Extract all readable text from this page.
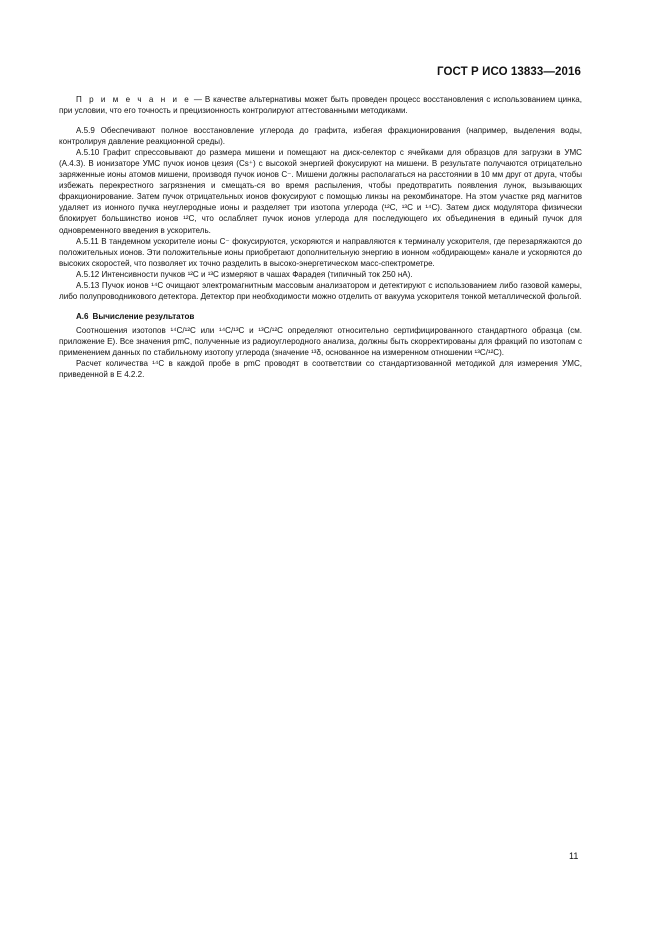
ГОСТ Р ИСО 13833—2016

П р и м е ч а н и е — В качестве альтернативы может быть проведен процесс восстановления с использованием цинка, при условии, что его точность и прецизионность контролируют аттестованными методиками.

А.5.9 Обеспечивают полное восстановление углерода до графита, избегая фракционирования (например, выделения воды, контролируя давление реакционной среды).

А.5.10 Графит спрессовывают до размера мишени и помещают на диск-селектор с ячейками для образцов для загрузки в УМС (А.4.3). В ионизаторе УМС пучок ионов цезия (Cs⁺) с высокой энергией фокусируют на мишени. В результате получаются отрицательно заряженные ионы атомов мишени, производя пучок ионов C⁻. Мишени должны располагаться на расстоянии в 10 мм друг от друга, чтобы избежать перекрестного загрязнения и смещать-ся во время распыления, чтобы предотвратить появления лунок, вызывающих фракционирование. Затем пучок отрицательных ионов фокусируют с помощью линзы на рекомбинаторе. На этом участке ряд магнитов удаляет из ионного пучка неуглеродные ионы и разделяет три изотопа углерода (¹²C, ¹³C и ¹⁴C). Затем диск модулятора физически блокирует большинство ионов ¹²C, что ослабляет пучок ионов углерода для последующего их объединения в единый пучок для одновременного введения в ускоритель.

А.5.11 В тандемном ускорителе ионы C⁻ фокусируются, ускоряются и направляются к терминалу ускорителя, где перезаряжаются до положительных ионов. Эти положительные ионы приобретают дополнительную энергию в ионном «обдирающем» канале и ускоряются до высоких скоростей, что позволяет их точно разделить в высоко-энергетическом масс-спектрометре.

А.5.12 Интенсивности пучков ¹²C и ¹³C измеряют в чашах Фарадея (типичный ток 250 нА).

А.5.13 Пучок ионов ¹⁴C очищают электромагнитным массовым анализатором и детектируют с использованием либо газовой камеры, либо полупроводникового детектора. Детектор при необходимости можно отделить от вакуума ускорителя тонкой металлической фольгой.

А.6 Вычисление результатов

Соотношения изотопов ¹⁴C/¹²C или ¹⁴C/¹³C и ¹³C/¹²C определяют относительно сертифицированного стандартного образца (см. приложение Е). Все значения pmC, полученные из радиоуглеродного анализа, должны быть скорректированы для фракций по изотопам с применением данных по стабильному изотопу углерода (значение ¹³δ, основанное на измеренном отношении ¹³C/¹²C).

Расчет количества ¹⁴C в каждой пробе в pmC проводят в соответствии со стандартизованной методикой для измерения УМС, приведенной в Е 4.2.2.

11
